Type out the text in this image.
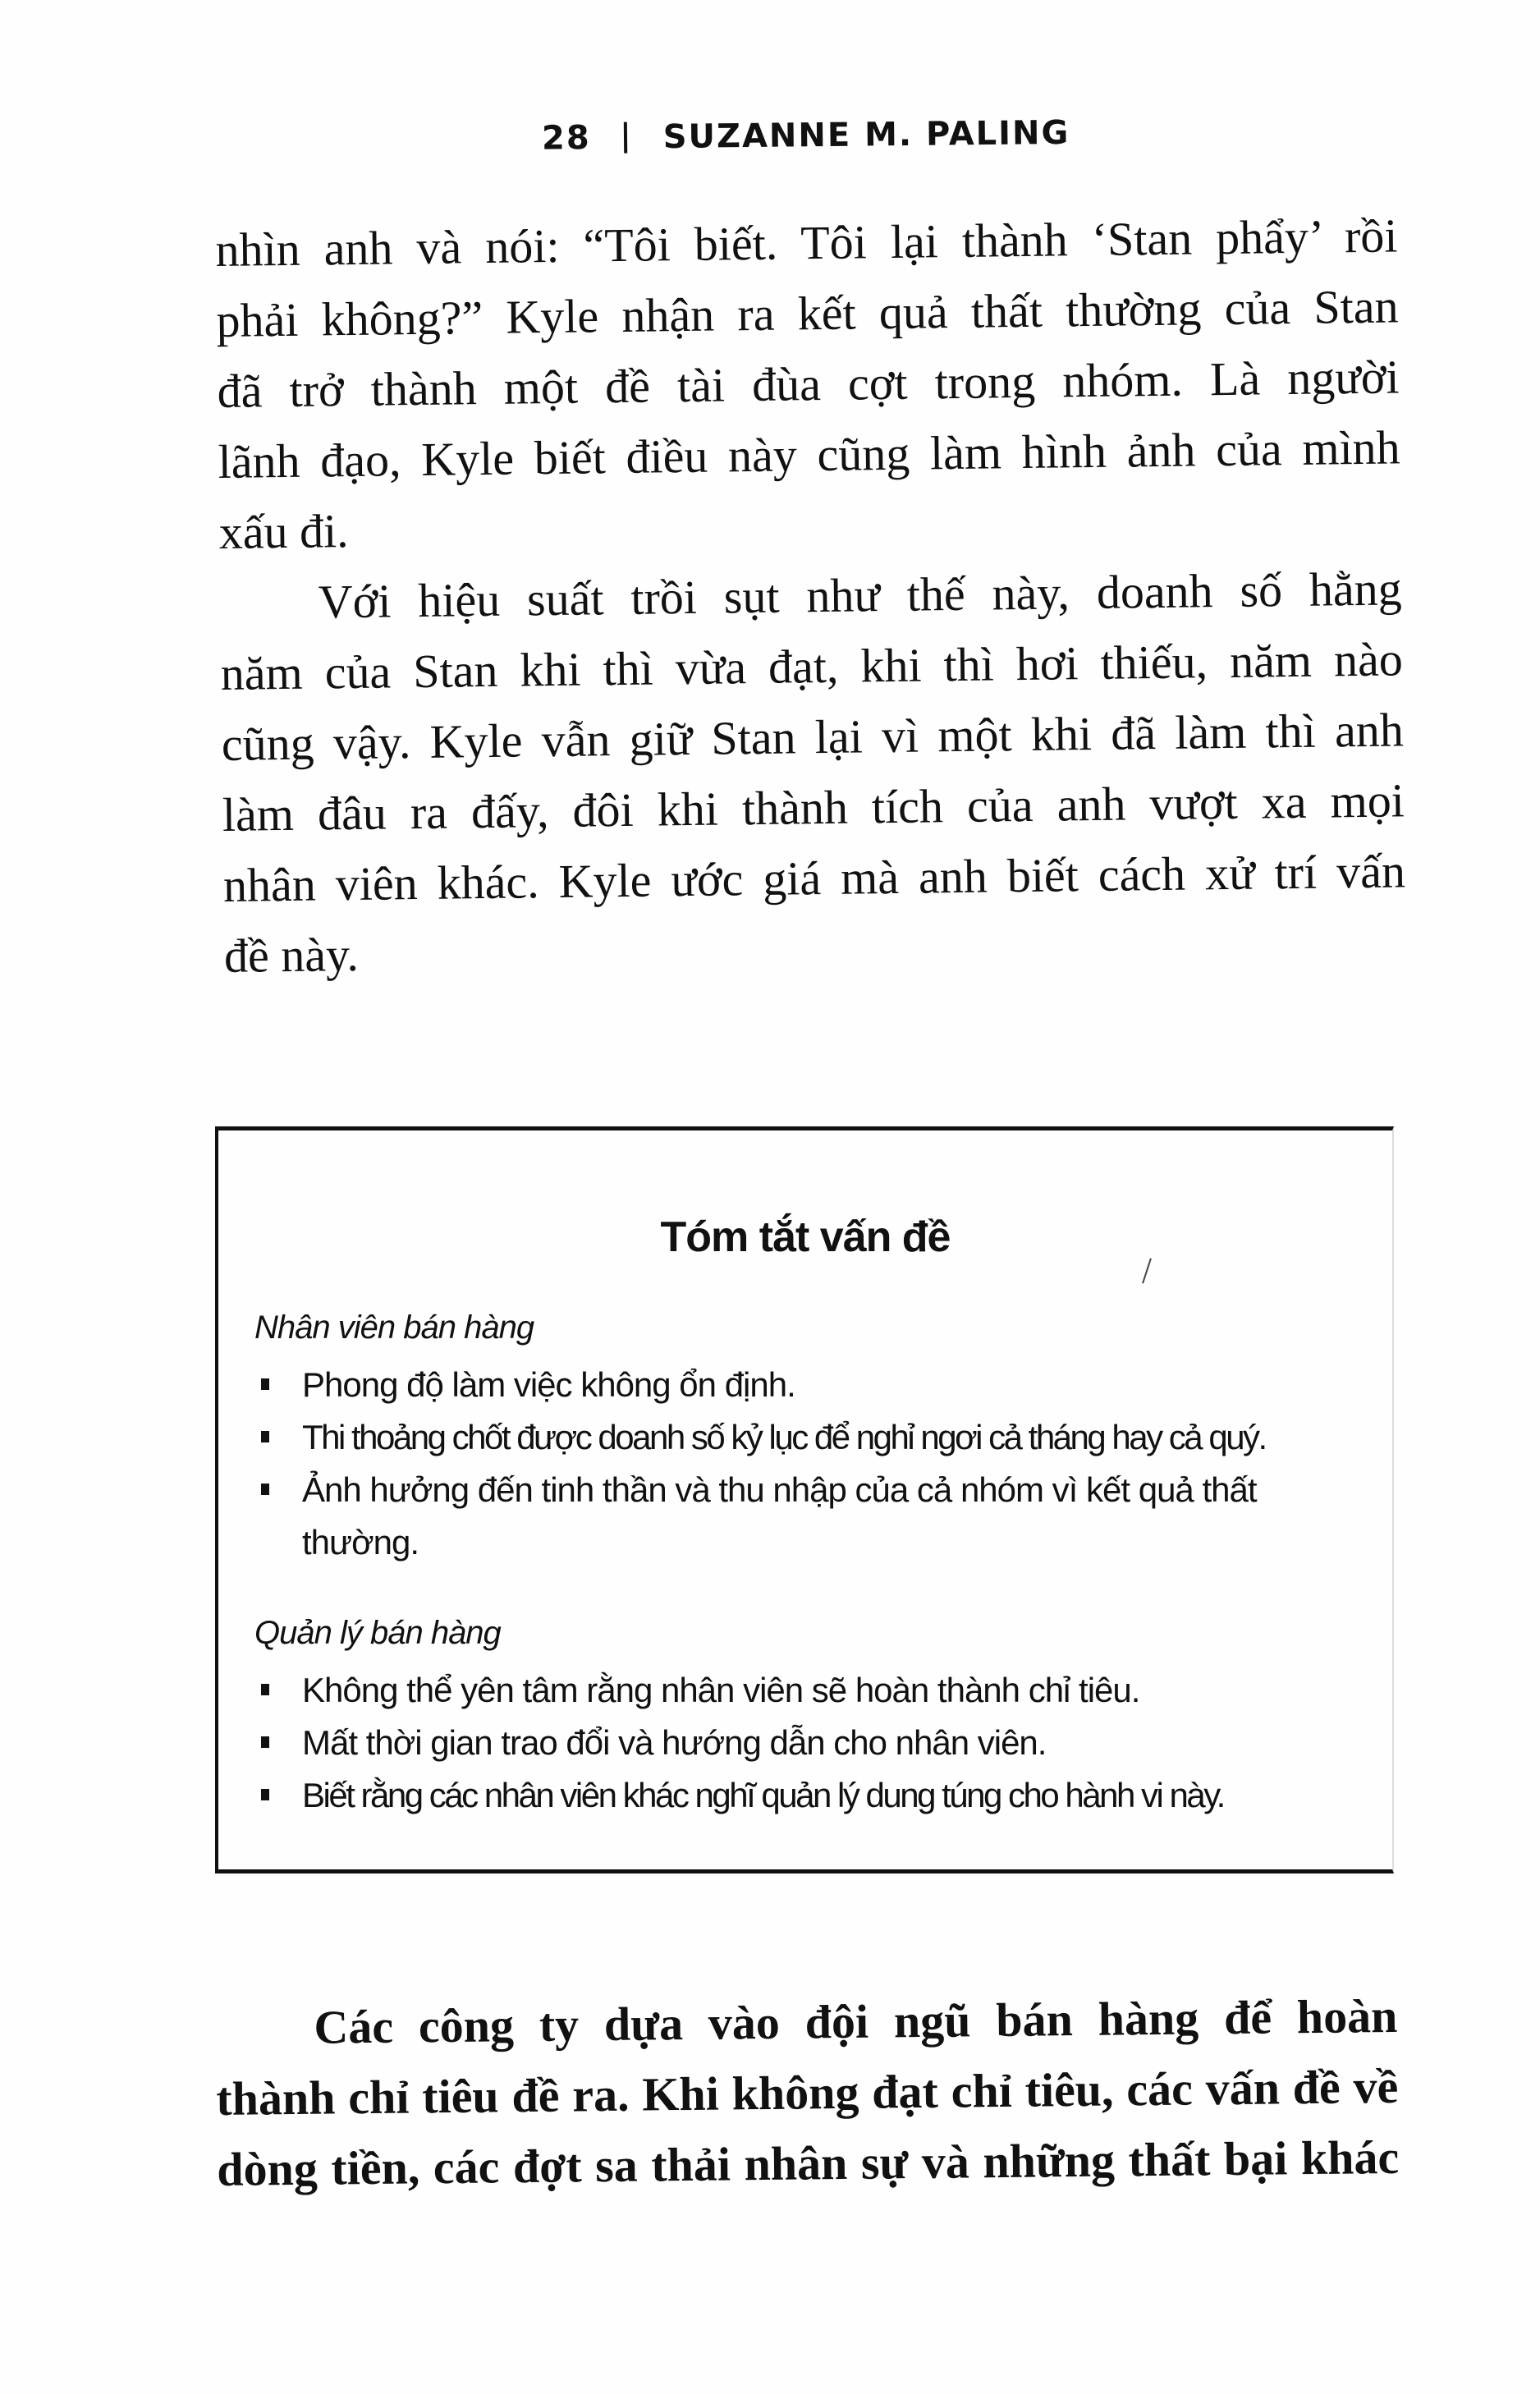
28 SUZANNE M. PALING

nhìn anh và nói: “Tôi biết. Tôi lại thành ‘Stan phẩy’ rồi
phải không?” Kyle nhận ra kết quả thất thường của Stan
đã trở thành một đề tài đùa cợt trong nhóm. Là người
lãnh đạo, Kyle biết điều này cũng làm hình ảnh của mình
xấu đi.

Với hiệu suất trồi sụt như thế này, doanh số hằng
năm của Stan khi thì vừa đạt, khi thì hơi thiếu, năm nào
cũng vậy. Kyle vẫn giữ Stan lại vì một khi đã làm thì anh
làm đâu ra đấy, đôi khi thành tích của anh vượt xa mọi
nhân viên khác. Kyle ước giá mà anh biết cách xử trí vấn
đề này.

Tóm tắt vấn đề
Nhân viên bán hàng
Phong độ làm việc không ổn định.
Thi thoảng chốt được doanh số kỷ lục để nghỉ ngơi cả tháng hay cả quý.
Ảnh hưởng đến tinh thần và thu nhập của cả nhóm vì kết quả thất thường.
Quản lý bán hàng
Không thể yên tâm rằng nhân viên sẽ hoàn thành chỉ tiêu.
Mất thời gian trao đổi và hướng dẫn cho nhân viên.
Biết rằng các nhân viên khác nghĩ quản lý dung túng cho hành vi này.

Các công ty dựa vào đội ngũ bán hàng để hoàn
thành chỉ tiêu đề ra. Khi không đạt chỉ tiêu, các vấn đề về
dòng tiền, các đợt sa thải nhân sự và những thất bại khác
